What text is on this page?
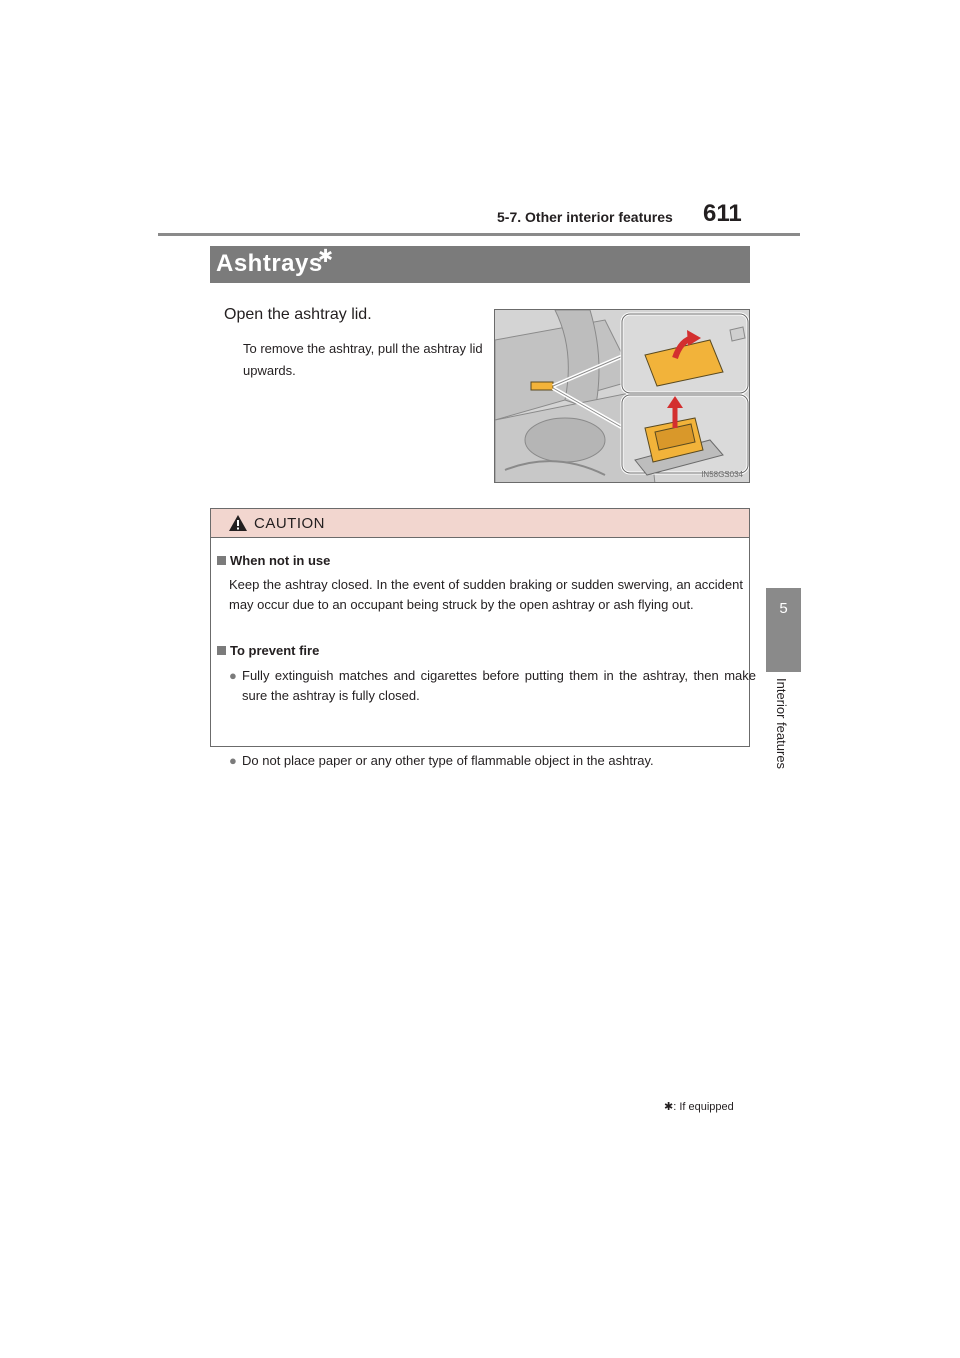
5-7. Other interior features 611
5
Interior features
Ashtrays
✱
Open the ashtray lid.
To remove the ashtray, pull the ashtray lid upwards.
IN58GS034
CAUTION
When not in use
Keep the ashtray closed. In the event of sudden braking or sudden swerving, an accident may occur due to an occupant being struck by the open ashtray or ash flying out.
To prevent fire
● Fully extinguish matches and cigarettes before putting them in the ashtray, then make sure the ashtray is fully closed.
● Do not place paper or any other type of flammable object in the ashtray.
✱: If equipped
